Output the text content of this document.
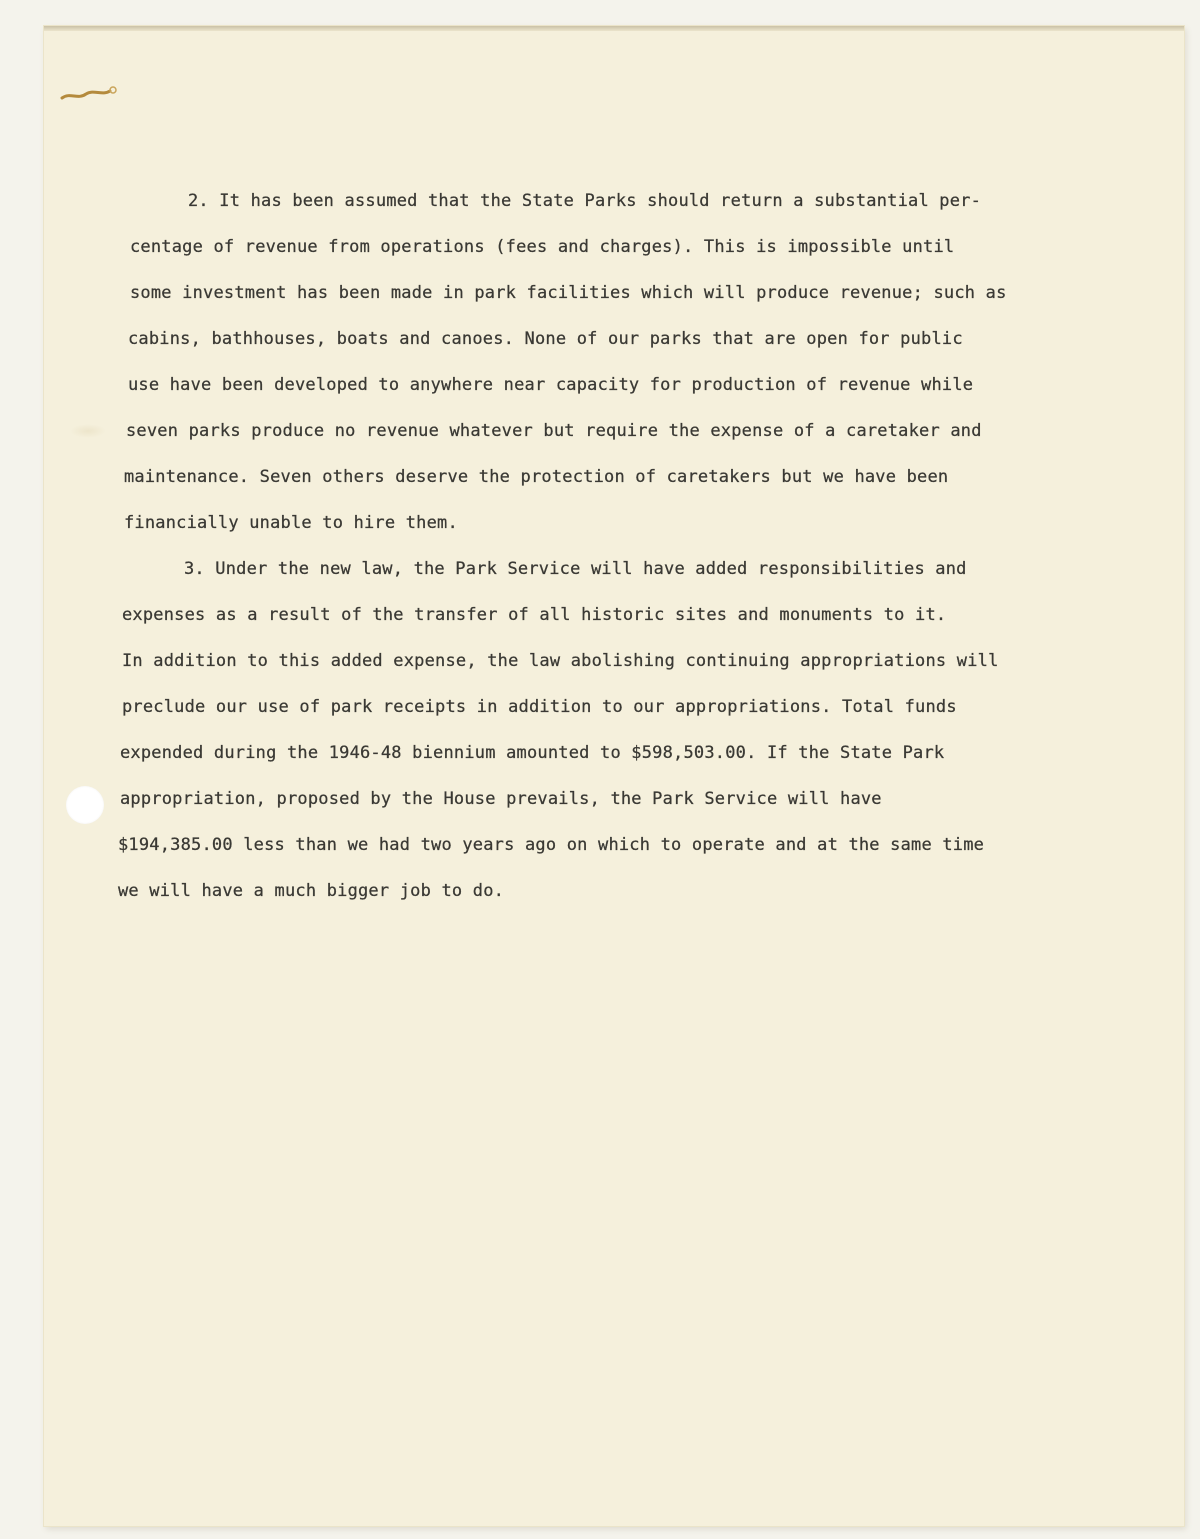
2. It has been assumed that the State Parks should return a substantial per-
centage of revenue from operations (fees and charges). This is impossible until
some investment has been made in park facilities which will produce revenue; such as
cabins, bathhouses, boats and canoes. None of our parks that are open for public
use have been developed to anywhere near capacity for production of revenue while
seven parks produce no revenue whatever but require the expense of a caretaker and
maintenance. Seven others deserve the protection of caretakers but we have been
financially unable to hire them.
3. Under the new law, the Park Service will have added responsibilities and
expenses as a result of the transfer of all historic sites and monuments to it.
In addition to this added expense, the law abolishing continuing appropriations will
preclude our use of park receipts in addition to our appropriations. Total funds
expended during the 1946-48 biennium amounted to $598,503.00. If the State Park
appropriation, proposed by the House prevails, the Park Service will have
$194,385.00 less than we had two years ago on which to operate and at the same time
we will have a much bigger job to do.
